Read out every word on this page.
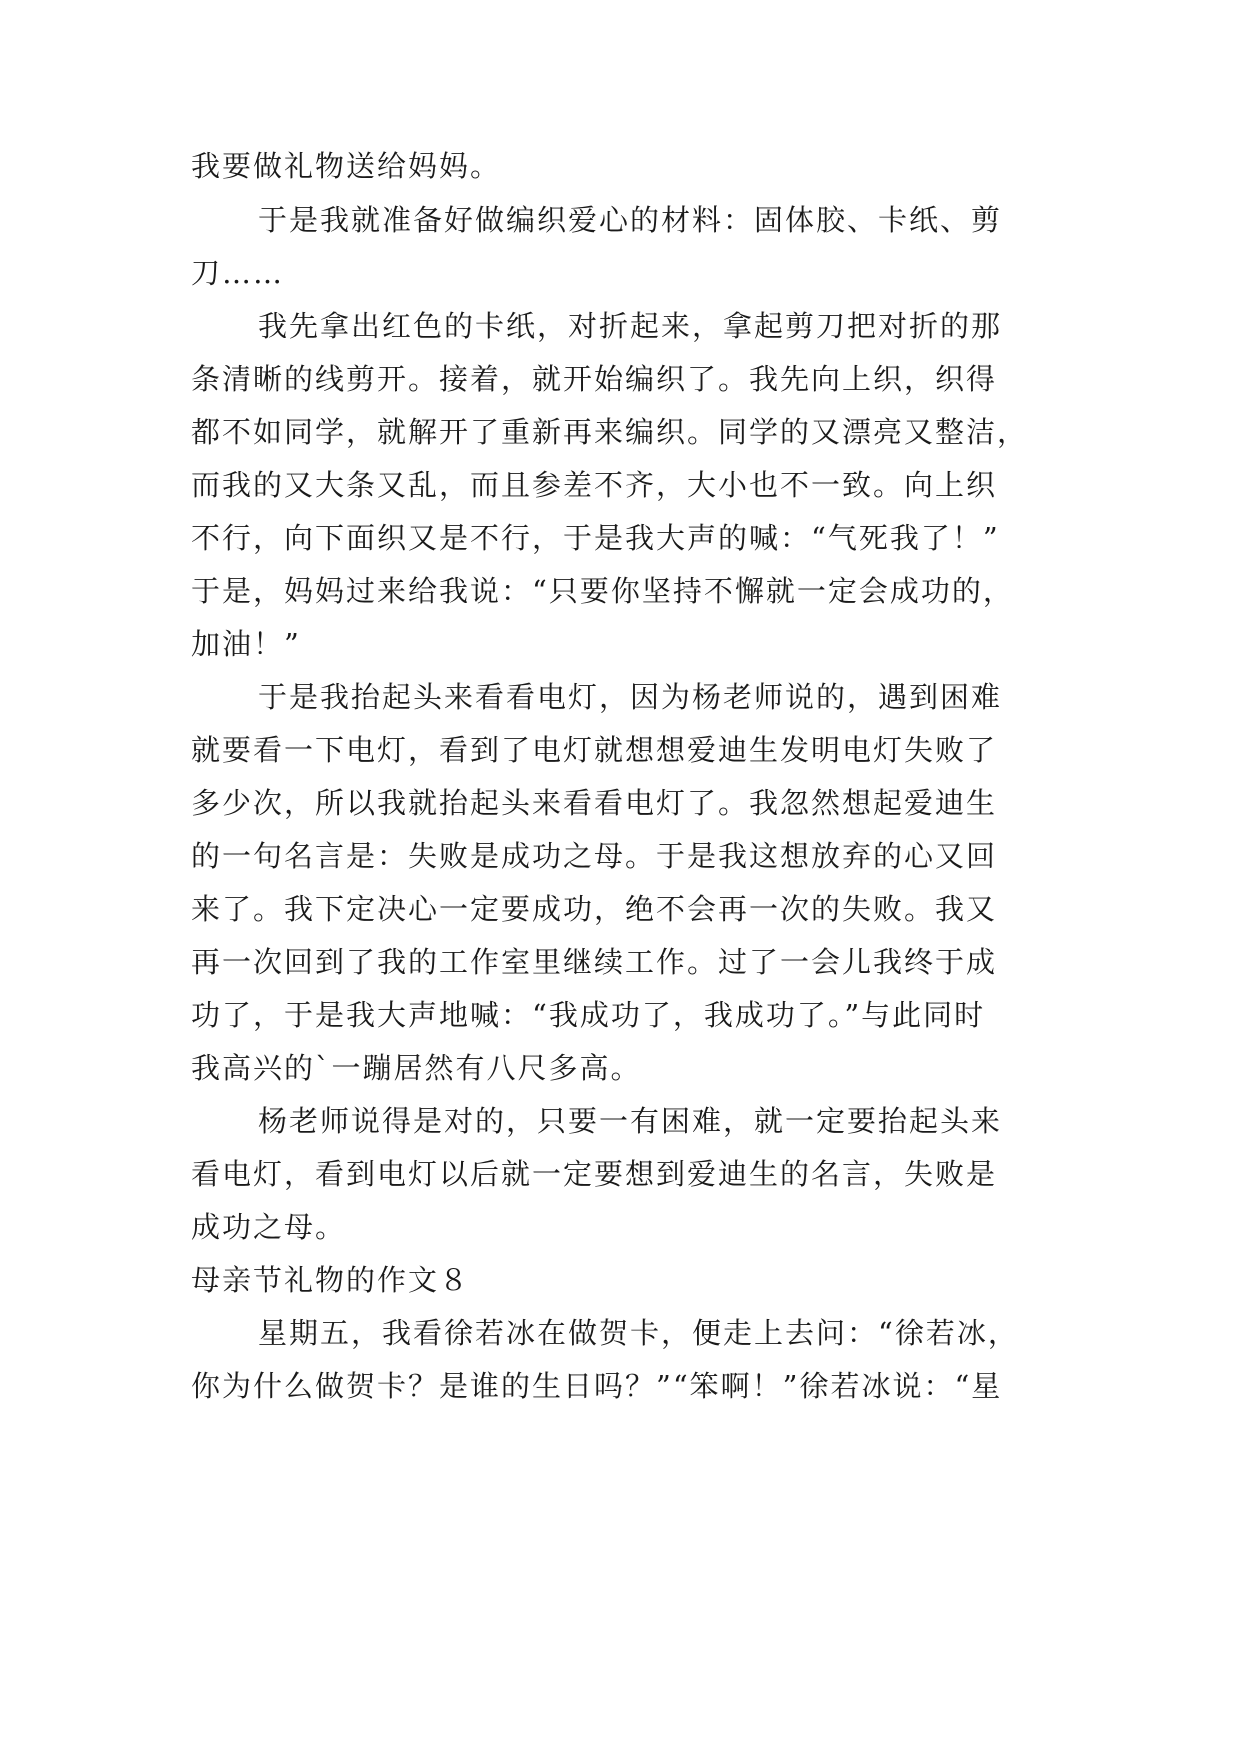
我要做礼物送给妈妈。
于是我就准备好做编织爱心的材料：固体胶、卡纸、剪
刀……
我先拿出红色的卡纸，对折起来，拿起剪刀把对折的那
条清晰的线剪开。接着，就开始编织了。我先向上织，织得
都不如同学，就解开了重新再来编织。同学的又漂亮又整洁，
而我的又大条又乱，而且参差不齐，大小也不一致。向上织
不行，向下面织又是不行，于是我大声的喊：“气死我了！”
于是，妈妈过来给我说：“只要你坚持不懈就一定会成功的，
加油！”
于是我抬起头来看看电灯，因为杨老师说的，遇到困难
就要看一下电灯，看到了电灯就想想爱迪生发明电灯失败了
多少次，所以我就抬起头来看看电灯了。我忽然想起爱迪生
的一句名言是：失败是成功之母。于是我这想放弃的心又回
来了。我下定决心一定要成功，绝不会再一次的失败。我又
再一次回到了我的工作室里继续工作。过了一会儿我终于成
功了，于是我大声地喊：“我成功了，我成功了。”与此同时
我高兴的`一蹦居然有八尺多高。
杨老师说得是对的，只要一有困难，就一定要抬起头来
看电灯，看到电灯以后就一定要想到爱迪生的名言，失败是
成功之母。
母亲节礼物的作文８
星期五，我看徐若冰在做贺卡，便走上去问：“徐若冰，
你为什么做贺卡？是谁的生日吗？”“笨啊！”徐若冰说：“星
